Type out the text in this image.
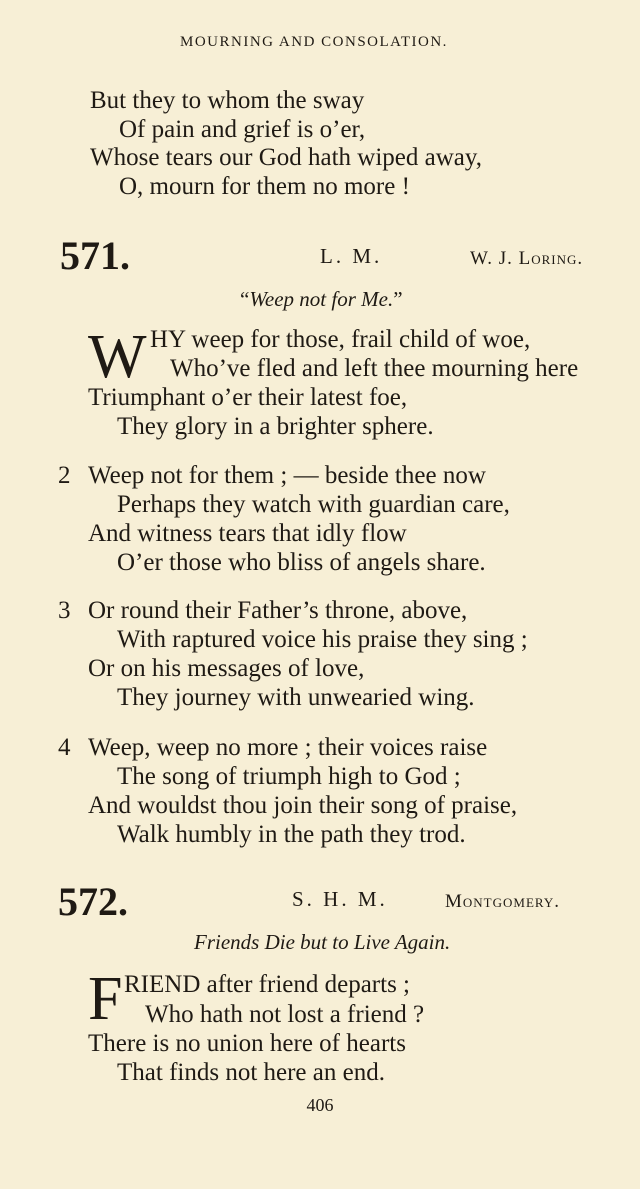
MOURNING AND CONSOLATION.
But they to whom the sway
Of pain and grief is o’er,
Whose tears our God hath wiped away,
O, mourn for them no more !
571.	L. M.	W. J. Loring.
“Weep not for Me.”
W HY weep for those, frail child of woe,
Who’ve fled and left thee mourning here
Triumphant o’er their latest foe,
They glory in a brighter sphere.
2 Weep not for them ; — beside thee now
Perhaps they watch with guardian care,
And witness tears that idly flow
O’er those who bliss of angels share.
3 Or round their Father’s throne, above,
With raptured voice his praise they sing ;
Or on his messages of love,
They journey with unwearied wing.
4 Weep, weep no more ; their voices raise
The song of triumph high to God ;
And wouldst thou join their song of praise,
Walk humbly in the path they trod.
572.	S. H. M.	Montgomery.
Friends Die but to Live Again.
F RIEND after friend departs ;
Who hath not lost a friend ?
There is no union here of hearts
That finds not here an end.
406
